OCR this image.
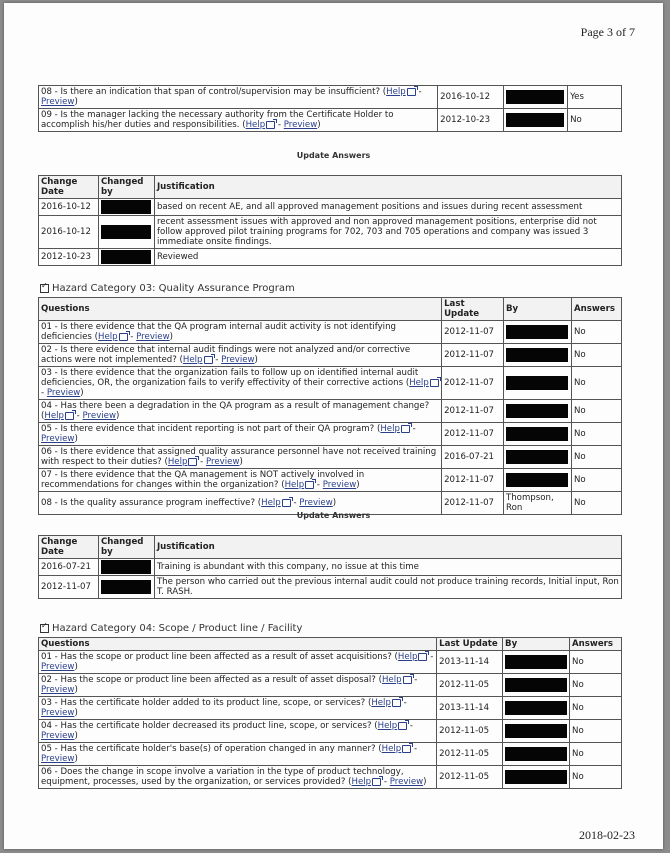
Page 3 of 7
08 - Is there an indication that span of control/supervision may be insufficient? (Help - Preview)	2016-10-12		Yes
09 - Is the manager lacking the necessary authority from the Certificate Holder to accomplish his/her duties and responsibilities. (Help - Preview)	2012-10-23		No
Update Answers
Change Date	Changed by	Justification
2016-10-12		based on recent AE, and all approved management positions and issues during recent assessment
2016-10-12		recent assessment issues with approved and non approved management positions, enterprise did not follow approved pilot training programs for 702, 703 and 705 operations and company was issued 3 immediate onsite findings.
2012-10-23		Reviewed
✓
Hazard Category 03: Quality Assurance Program
Questions	Last Update	By	Answers
01 - Is there evidence that the QA program internal audit activity is not identifying deficiencies (Help - Preview)	2012-11-07		No
02 - Is there evidence that internal audit findings were not analyzed and/or corrective actions were not implemented? (Help - Preview)	2012-11-07		No
03 - Is there evidence that the organization fails to follow up on identified internal audit deficiencies, OR, the organization fails to verify effectivity of their corrective actions (Help - Preview)	2012-11-07		No
04 - Has there been a degradation in the QA program as a result of management change? (Help - Preview)	2012-11-07		No
05 - Is there evidence that incident reporting is not part of their QA program? (Help - Preview)	2012-11-07		No
06 - Is there evidence that assigned quality assurance personnel have not received training with respect to their duties? (Help - Preview)	2016-07-21		No
07 - Is there evidence that the QA management is NOT actively involved in recommendations for changes within the organization? (Help - Preview)	2012-11-07		No
08 - Is the quality assurance program ineffective? (Help - Preview)	2012-11-07	Thompson, Ron	No
Update Answers
Change Date	Changed by	Justification
2016-07-21		Training is abundant with this company, no issue at this time
2012-11-07		The person who carried out the previous internal audit could not produce training records, Initial input, Ron T. RASH.
✓
Hazard Category 04: Scope / Product line / Facility
Questions	Last Update	By	Answers
01 - Has the scope or product line been affected as a result of asset acquisitions? (Help - Preview)	2013-11-14		No
02 - Has the scope or product line been affected as a result of asset disposal? (Help - Preview)	2012-11-05		No
03 - Has the certificate holder added to its product line, scope, or services? (Help - Preview)	2013-11-14		No
04 - Has the certificate holder decreased its product line, scope, or services? (Help - Preview)	2012-11-05		No
05 - Has the certificate holder's base(s) of operation changed in any manner? (Help - Preview)	2012-11-05		No
06 - Does the change in scope involve a variation in the type of product technology, equipment, processes, used by the organization, or services provided? (Help - Preview)	2012-11-05		No
2018-02-23
